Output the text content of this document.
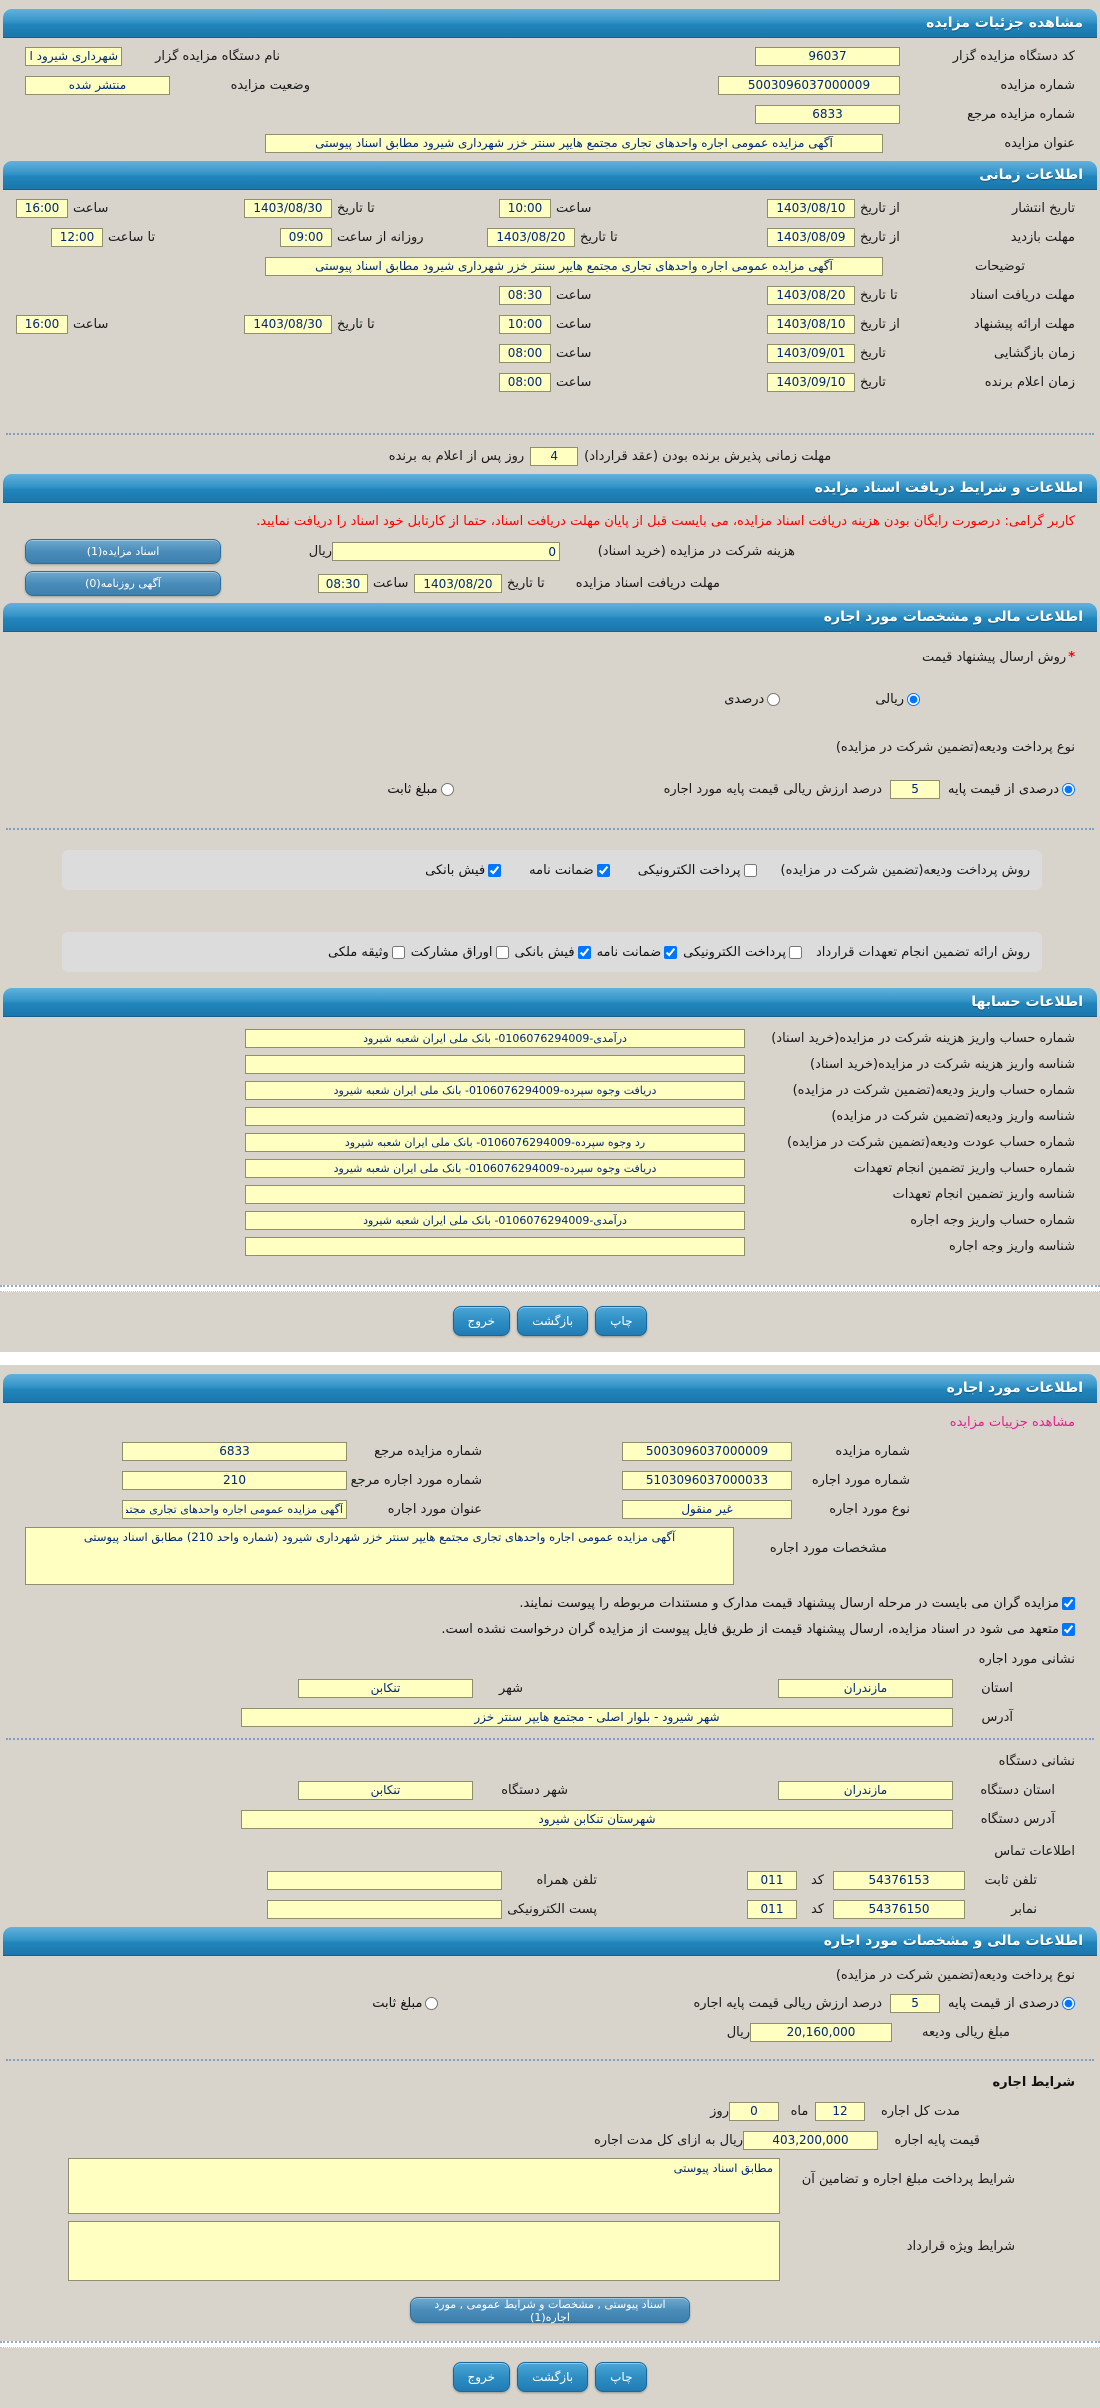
مشاهده جزئیات مزایده
کد دستگاه مزایده گزار
96037
نام دستگاه مزایده گزار
شهرداری شیرود استان مازندران
شماره مزایده
5003096037000009
وضعیت مزایده
منتشر شده
شماره مزایده مرجع
6833
عنوان مزایده
آگهی مزایده عمومی اجاره واحدهای تجاری مجتمع هایپر سنتر خزر شهرداری شیرود مطابق اسناد پیوستی
اطلاعات زمانی
تاریخ انتشار
از تاریخ
1403/08/10
ساعت
10:00
تا تاریخ
1403/08/30
ساعت
16:00
مهلت بازدید
از تاریخ
1403/08/09
تا تاریخ
1403/08/20
روزانه از ساعت
09:00
تا ساعت
12:00
توضیحات
آگهی مزایده عمومی اجاره واحدهای تجاری مجتمع هایپر سنتر خزر شهرداری شیرود مطابق اسناد پیوستی
مهلت دریافت اسناد
تا تاریخ
1403/08/20
ساعت
08:30
مهلت ارائه پیشنهاد
از تاریخ
1403/08/10
ساعت
10:00
تا تاریخ
1403/08/30
ساعت
16:00
زمان بازگشایی
تاریخ
1403/09/01
ساعت
08:00
زمان اعلام برنده
تاریخ
1403/09/10
ساعت
08:00
مهلت زمانی پذیرش برنده بودن (عقد قرارداد)
4
روز پس از اعلام به برنده
اطلاعات و شرایط دریافت اسناد مزایده
کاربر گرامی: درصورت رایگان بودن هزینه دریافت اسناد مزایده، می بایست قبل از پایان مهلت دریافت اسناد، حتما از کارتابل خود اسناد را دریافت نمایید.
هزینه شرکت در مزایده (خرید اسناد)
0
ریال
اسناد مزایده(1)
مهلت دریافت اسناد مزایده
تا تاریخ
1403/08/20
ساعت
08:30
آگهی روزنامه(0)
اطلاعات مالی و مشخصات مورد اجاره
*
روش ارسال پیشنهاد قیمت
ریالی
درصدی
نوع پرداخت ودیعه(تضمین شرکت در مزایده)
درصدی از قیمت پایه
5
درصد ارزش ریالی قیمت پایه مورد اجاره
مبلغ ثابت
روش پرداخت ودیعه(تضمین شرکت در مزایده)
پرداخت الکترونیکی
ضمانت نامه
فیش بانکی
روش ارائه تضمین انجام تعهدات قرارداد
پرداخت الکترونیکی
ضمانت نامه
فیش بانکی
اوراق مشارکت
وثیقه ملکی
اطلاعات حسابها
شماره حساب واریز هزینه شرکت در مزایده(خرید اسناد)
درآمدی-0106076294009- بانک ملی ایران شعبه شیرود
شناسه واریز هزینه شرکت در مزایده(خرید اسناد)
شماره حساب واریز ودیعه(تضمین شرکت در مزایده)
دریافت وجوه سپرده-0106076294009- بانک ملی ایران شعبه شیرود
شناسه واریز ودیعه(تضمین شرکت در مزایده)
شماره حساب عودت ودیعه(تضمین شرکت در مزایده)
رد وجوه سپرده-0106076294009- بانک ملی ایران شعبه شیرود
شماره حساب واریز تضمین انجام تعهدات
دریافت وجوه سپرده-0106076294009- بانک ملی ایران شعبه شیرود
شناسه واریز تضمین انجام تعهدات
شماره حساب واریز وجه اجاره
درآمدی-0106076294009- بانک ملی ایران شعبه شیرود
شناسه واریز وجه اجاره
چاپ
بازگشت
خروج
اطلاعات مورد اجاره
مشاهده جزییات مزایده
شماره مزایده
5003096037000009
شماره مزایده مرجع
6833
شماره مورد اجاره
5103096037000033
شماره مورد اجاره مرجع
210
نوع مورد اجاره
غیر منقول
عنوان مورد اجاره
آگهی مزایده عمومی اجاره واحدهای تجاری مجتمع هایپر سنتر خزر شهرداری شیرود (شماره واحد 210) مطابق اسناد پیوستی
مشخصات مورد اجاره
آگهی مزایده عمومی اجاره واحدهای تجاری مجتمع هایپر سنتر خزر شهرداری شیرود (شماره واحد 210) مطابق اسناد پیوستی
مزایده گران می بایست در مرحله ارسال پیشنهاد قیمت مدارک و مستندات مربوطه را پیوست نمایند.
متعهد می شود در اسناد مزایده، ارسال پیشنهاد قیمت از طریق فایل پیوست از مزایده گران درخواست نشده است.
نشانی مورد اجاره
استان
مازندران
شهر
تنکابن
آدرس
شهر شیرود - بلوار اصلی - مجتمع هایپر سنتر خزر
نشانی دستگاه
استان دستگاه
مازندران
شهر دستگاه
تنکابن
آدرس دستگاه
شهرستان تنکابن شیرود
اطلاعات تماس
تلفن ثابت
54376153
کد
011
تلفن همراه
نمابر
54376150
کد
011
پست الکترونیکی
اطلاعات مالی و مشخصات مورد اجاره
نوع پرداخت ودیعه(تضمین شرکت در مزایده)
درصدی از قیمت پایه
5
درصد ارزش ریالی قیمت پایه اجاره
مبلغ ثابت
مبلغ ریالی ودیعه
20,160,000
ریال
شرایط اجاره
مدت کل اجاره
12
ماه
0
روز
قیمت پایه اجاره
403,200,000
ریال به ازای کل مدت اجاره
شرایط پرداخت مبلغ اجاره و تضامین آن
مطابق اسناد پیوستی
شرایط ویژه قرارداد
اسناد پیوستی , مشخصات و شرایط عمومی , مورد اجاره(1)
چاپ
بازگشت
خروج
